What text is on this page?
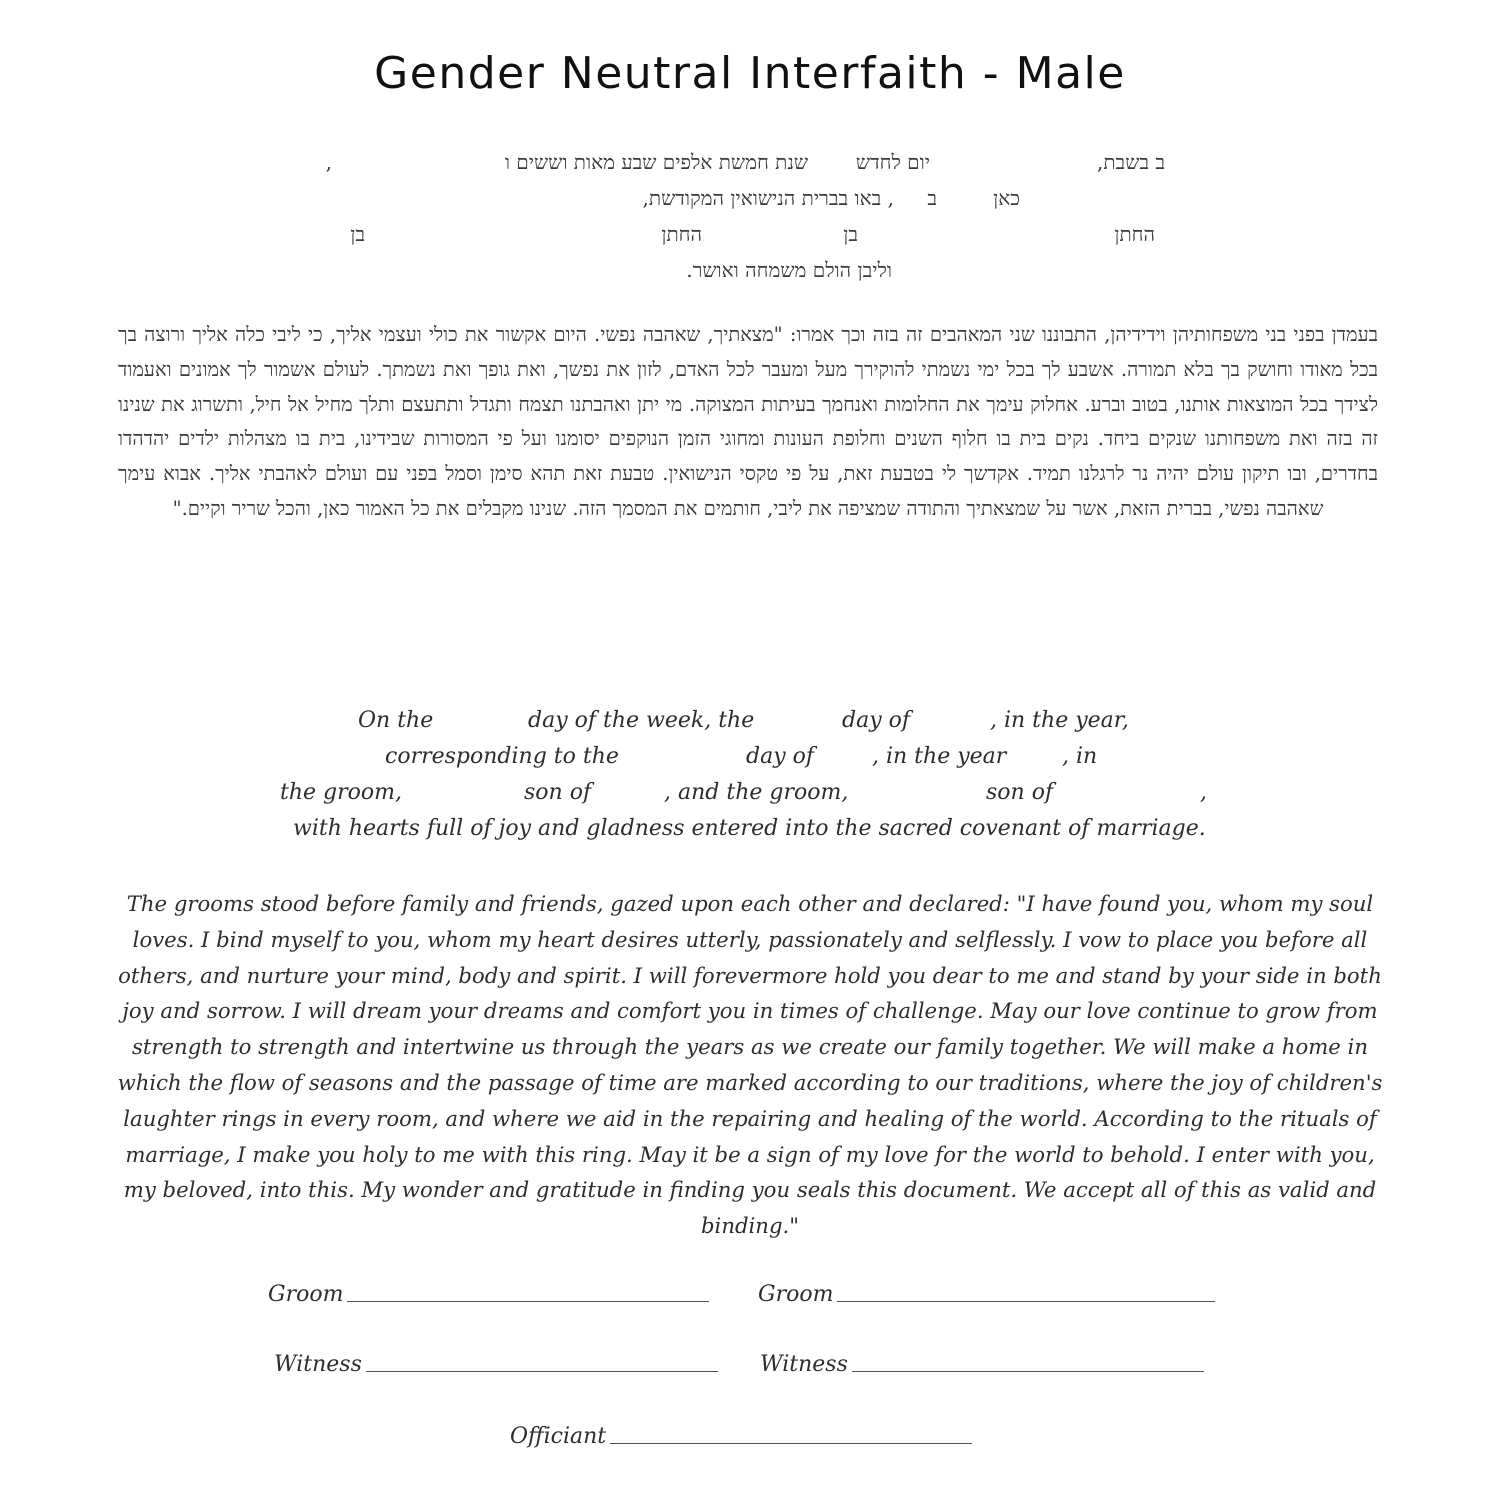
Gender Neutral Interfaith - Male
ב בשבת,
יום לחדש
שנת חמשת אלפים שבע מאות וששים ו
,
כאן
ב
, באו בברית הנישואין המקודשת,
החתן
בן
החתן
בן
וליבן הולם משמחה ואושר.
בעמדן בפני בני משפחותיהן וידידיהן, התבוננו שני המאהבים זה בזה וכך אמרו: "מצאתיך, שאהבה נפשי. היום אקשור את כולי ועצמי אליך, כי ליבי כלה אליך ורוצה בך בכל מאודו וחושק בך בלא תמורה. אשבע לך בכל ימי נשמתי להוקירך מעל ומעבר לכל האדם, לזון את נפשך, ואת גופך ואת נשמתך. לעולם אשמור לך אמונים ואעמוד לצידך בכל המוצאות אותנו, בטוב וברע. אחלוק עימך את החלומות ואנחמך בעיתות המצוקה. מי יתן ואהבתנו תצמח ותגדל ותתעצם ותלך מחיל אל חיל, ותשרוג את שנינו זה בזה ואת משפחותנו שנקים ביחד. נקים בית בו חלוף השנים וחלופת העונות ומחוגי הזמן הנוקפים יסומנו ועל פי המסורות שבידינו, בית בו מצהלות ילדים יהדהדו בחדרים, ובו תיקון עולם יהיה נר לרגלנו תמיד. אקדשך לי בטבעת זאת, על פי טקסי הנישואין. טבעת זאת תהא סימן וסמל בפני עם ועולם לאהבתי אליך. אבוא עימך שאהבה נפשי, בברית הזאת, אשר על שמצאתיך והתודה שמציפה את ליבי, חותמים את המסמך הזה. שנינו מקבלים את כל האמור כאן, והכל שריר וקיים."
On the	day of the week, the	day of	, in the year,
corresponding to the	day of	, in the year	, in
the groom,	son of	, and the groom,	son of	,
with hearts full of joy and gladness entered into the sacred covenant of marriage.
The grooms stood before family and friends, gazed upon each other and declared: "I have found you, whom my soul loves. I bind myself to you, whom my heart desires utterly, passionately and selflessly. I vow to place you before all others, and nurture your mind, body and spirit. I will forevermore hold you dear to me and stand by your side in both joy and sorrow. I will dream your dreams and comfort you in times of challenge. May our love continue to grow from strength to strength and intertwine us through the years as we create our family together. We will make a home in which the flow of seasons and the passage of time are marked according to our traditions, where the joy of children's laughter rings in every room, and where we aid in the repairing and healing of the world. According to the rituals of marriage, I make you holy to me with this ring. May it be a sign of my love for the world to behold. I enter with you, my beloved, into this. My wonder and gratitude in finding you seals this document. We accept all of this as valid and binding."
Groom	Groom
Witness	Witness
Officiant
